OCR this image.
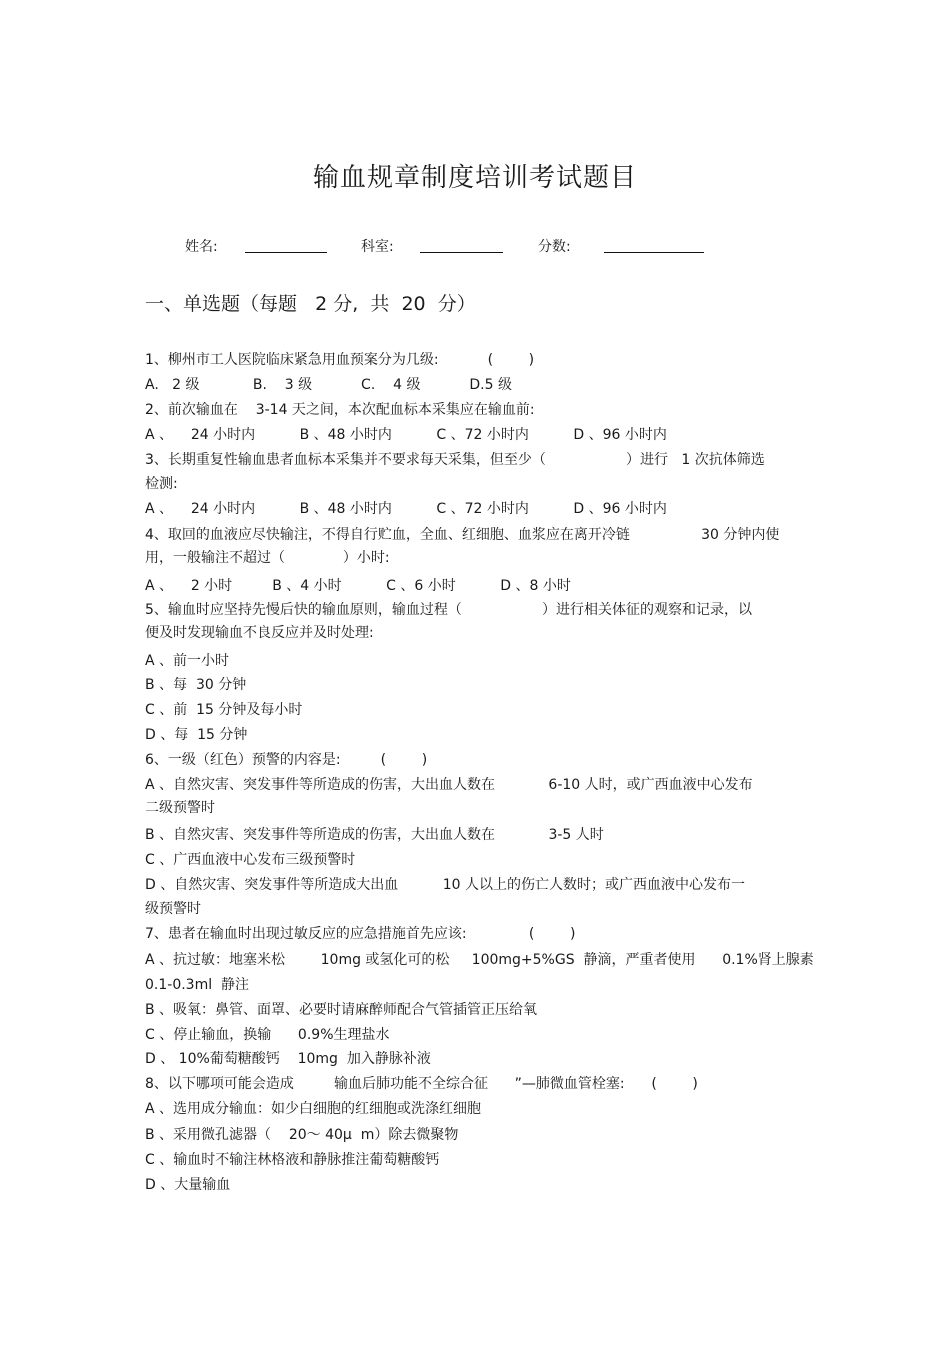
输血规章制度培训考试题目
姓名:	科室:	分数:
一、单选题（每题   2 分,  共  20  分）
1、柳州市工人医院临床紧急用血预案分为几级:           (        )
A.   2 级            B.    3 级           C.    4 级           D.5 级
2、前次输血在    3-14 天之间，本次配血标本采集应在输血前:
A 、    24 小时内          B 、48 小时内          C 、72 小时内          D 、96 小时内
3、长期重复性输血患者血标本采集并不要求每天采集，但至少（                  ）进行   1 次抗体筛选
检测:
A 、    24 小时内          B 、48 小时内          C 、72 小时内          D 、96 小时内
4、取回的血液应尽快输注，不得自行贮血，全血、红细胞、血浆应在离开冷链                30 分钟内使
用，一般输注不超过（             ）小时:
A 、    2 小时         B 、4 小时          C 、6 小时          D 、8 小时
5、输血时应坚持先慢后快的输血原则，输血过程（                  ）进行相关体征的观察和记录，以
便及时发现输血不良反应并及时处理:
A 、前一小时
B 、每  30 分钟
C 、前  15 分钟及每小时
D 、每  15 分钟
6、一级（红色）预警的内容是:         (        )
A 、自然灾害、突发事件等所造成的伤害，大出血人数在            6-10 人时，或广西血液中心发布
二级预警时
B 、自然灾害、突发事件等所造成的伤害，大出血人数在            3-5 人时
C 、广西血液中心发布三级预警时
D 、自然灾害、突发事件等所造成大出血          10 人以上的伤亡人数时；或广西血液中心发布一
级预警时
7、患者在输血时出现过敏反应的应急措施首先应该:              (        )
A 、抗过敏：地塞米松        10mg 或氢化可的松     100mg+5%GS  静滴，严重者使用      0.1%肾上腺素
0.1-0.3ml  静注
B 、吸氧：鼻管、面罩、必要时请麻醉师配合气管插管正压给氧
C 、停止输血，换输      0.9%生理盐水
D 、 10%葡萄糖酸钙    10mg  加入静脉补液
8、以下哪项可能会造成         输血后肺功能不全综合征      ”—肺微血管栓塞:      (        )
A 、选用成分输血：如少白细胞的红细胞或洗涤红细胞
B 、采用微孔滤器（    20～ 40μ  m）除去微聚物
C 、输血时不输注林格液和静脉推注葡萄糖酸钙
D 、大量输血
